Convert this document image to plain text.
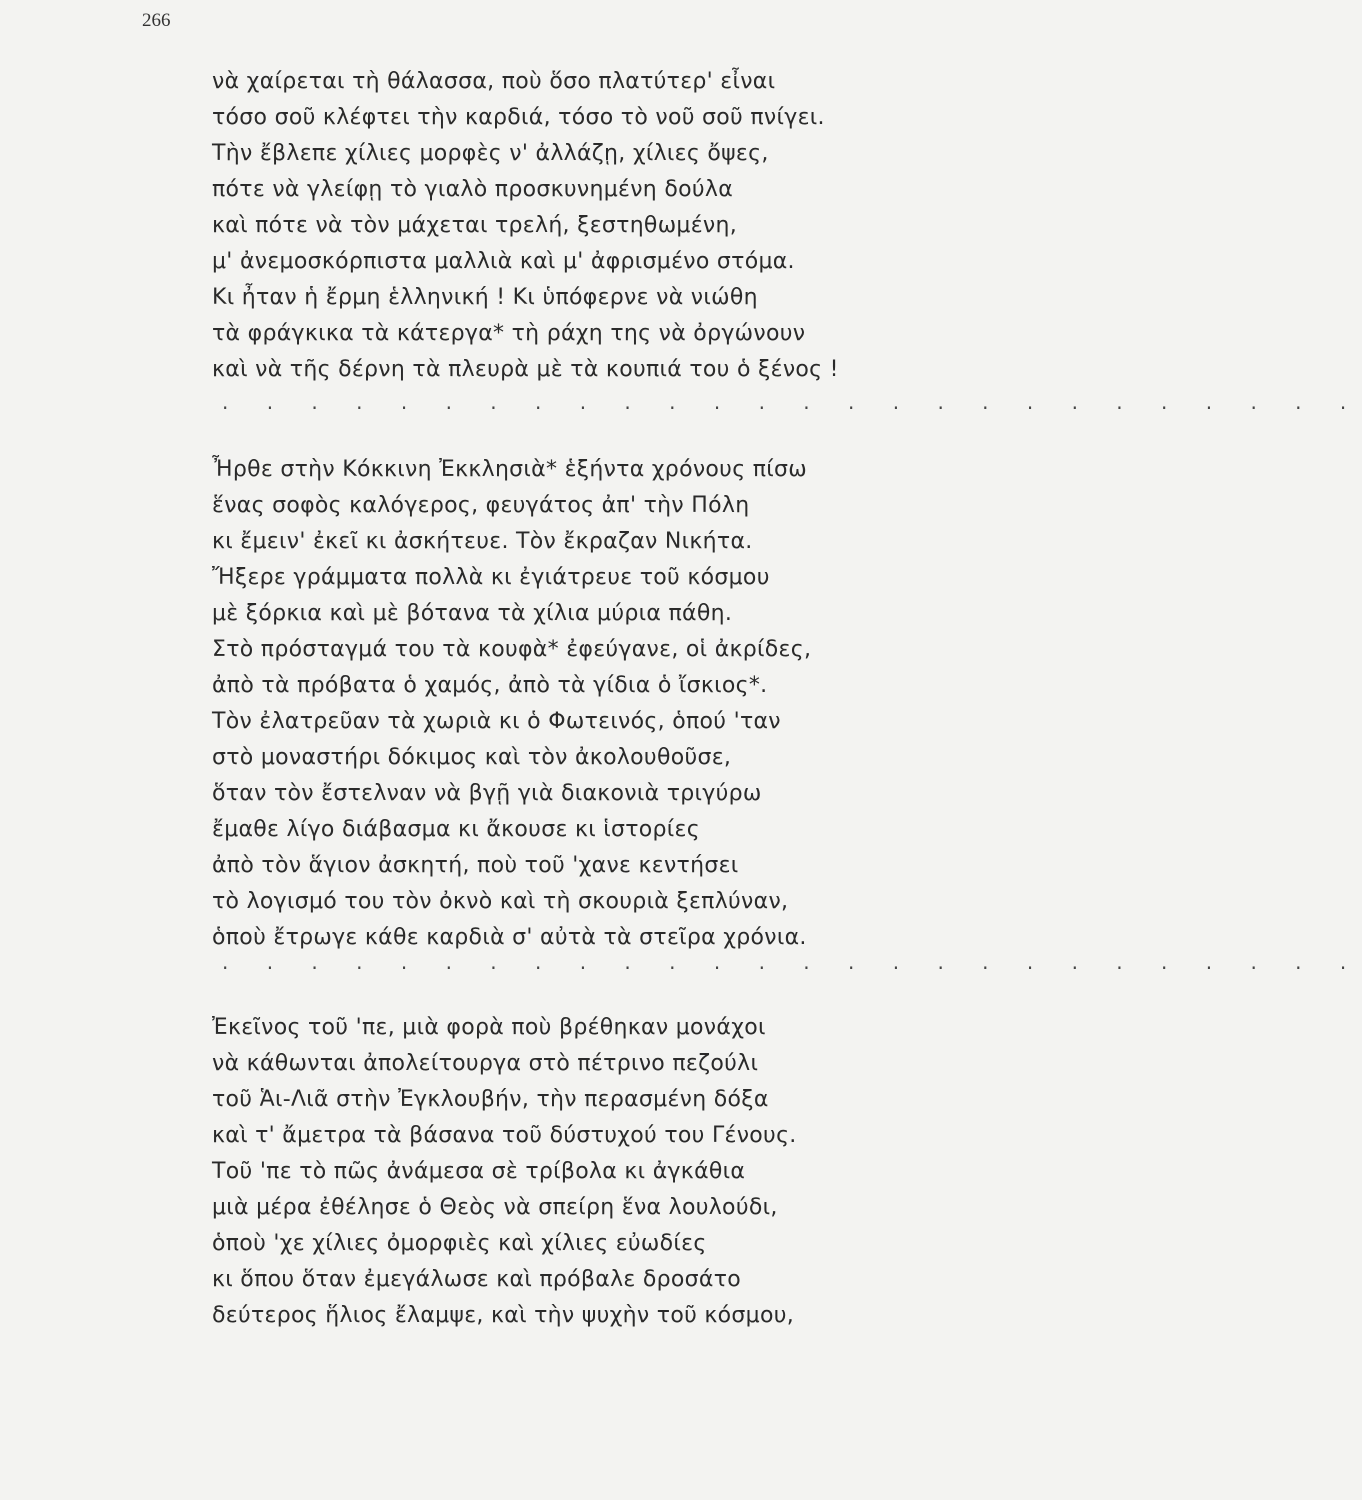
266
νὰ χαίρεται τὴ θάλασσα, ποὺ ὅσο πλατύτερ' εἶναι
τόσο σοῦ κλέφτει τὴν καρδιά, τόσο τὸ νοῦ σοῦ πνίγει.
Τὴν ἔβλεπε χίλιες μορφὲς ν' ἀλλάζῃ, χίλιες ὄψες,
πότε νὰ γλείφῃ τὸ γιαλὸ προσκυνημένη δούλα
καὶ πότε νὰ τὸν μάχεται τρελή, ξεστηθωμένη,
μ' ἀνεμοσκόρπιστα μαλλιὰ καὶ μ' ἀφρισμένο στόμα.
Κι ἦταν ἡ ἔρμη ἑλληνική ! Κι ὑπόφερνε νὰ νιώθη
τὰ φράγκικα τὰ κάτεργα* τὴ ράχη της νὰ ὀργώνουν
καὶ νὰ τῆς δέρνη τὰ πλευρὰ μὲ τὰ κουπιά του ὁ ξένος !
. . . . . . . . . . . . . . . . . . . . . . . . . .
Ἦρθε στὴν Κόκκινη Ἐκκλησιὰ* ἑξήντα χρόνους πίσω
ἕνας σοφὸς καλόγερος, φευγάτος ἀπ' τὴν Πόλη
κι ἔμειν' ἐκεῖ κι ἀσκήτευε. Τὸν ἔκραζαν Νικήτα.
Ἤξερε γράμματα πολλὰ κι ἐγιάτρευε τοῦ κόσμου
μὲ ξόρκια καὶ μὲ βότανα τὰ χίλια μύρια πάθη.
Στὸ πρόσταγμά του τὰ κουφὰ* ἐφεύγανε, οἱ ἀκρίδες,
ἀπὸ τὰ πρόβατα ὁ χαμός, ἀπὸ τὰ γίδια ὁ ἴσκιος*.
Τὸν ἐλατρεῦαν τὰ χωριὰ κι ὁ Φωτεινός, ὁπού 'ταν
στὸ μοναστήρι δόκιμος καὶ τὸν ἀκολουθοῦσε,
ὅταν τὸν ἔστελναν νὰ βγῇ γιὰ διακονιὰ τριγύρω
ἔμαθε λίγο διάβασμα κι ἄκουσε κι ἱστορίες
ἀπὸ τὸν ἅγιον ἀσκητή, ποὺ τοῦ 'χανε κεντήσει
τὸ λογισμό του τὸν ὀκνὸ καὶ τὴ σκουριὰ ξεπλύναν,
ὁποὺ ἔτρωγε κάθε καρδιὰ σ' αὐτὰ τὰ στεῖρα χρόνια.
. . . . . . . . . . . . . . . . . . . . . . . . . .
Ἐκεῖνος τοῦ 'πε, μιὰ φορὰ ποὺ βρέθηκαν μονάχοι
νὰ κάθωνται ἀπολείτουργα στὸ πέτρινο πεζούλι
τοῦ Ἁι-Λιᾶ στὴν Ἐγκλουβήν, τὴν περασμένη δόξα
καὶ τ' ἄμετρα τὰ βάσανα τοῦ δύστυχού του Γένους.
Τοῦ 'πε τὸ πῶς ἀνάμεσα σὲ τρίβολα κι ἀγκάθια
μιὰ μέρα ἐθέλησε ὁ Θεὸς νὰ σπείρη ἕνα λουλούδι,
ὁποὺ 'χε χίλιες ὀμορφιὲς καὶ χίλιες εὐωδίες
κι ὅπου ὅταν ἐμεγάλωσε καὶ πρόβαλε δροσάτο
δεύτερος ἥλιος ἔλαμψε, καὶ τὴν ψυχὴν τοῦ κόσμου,
